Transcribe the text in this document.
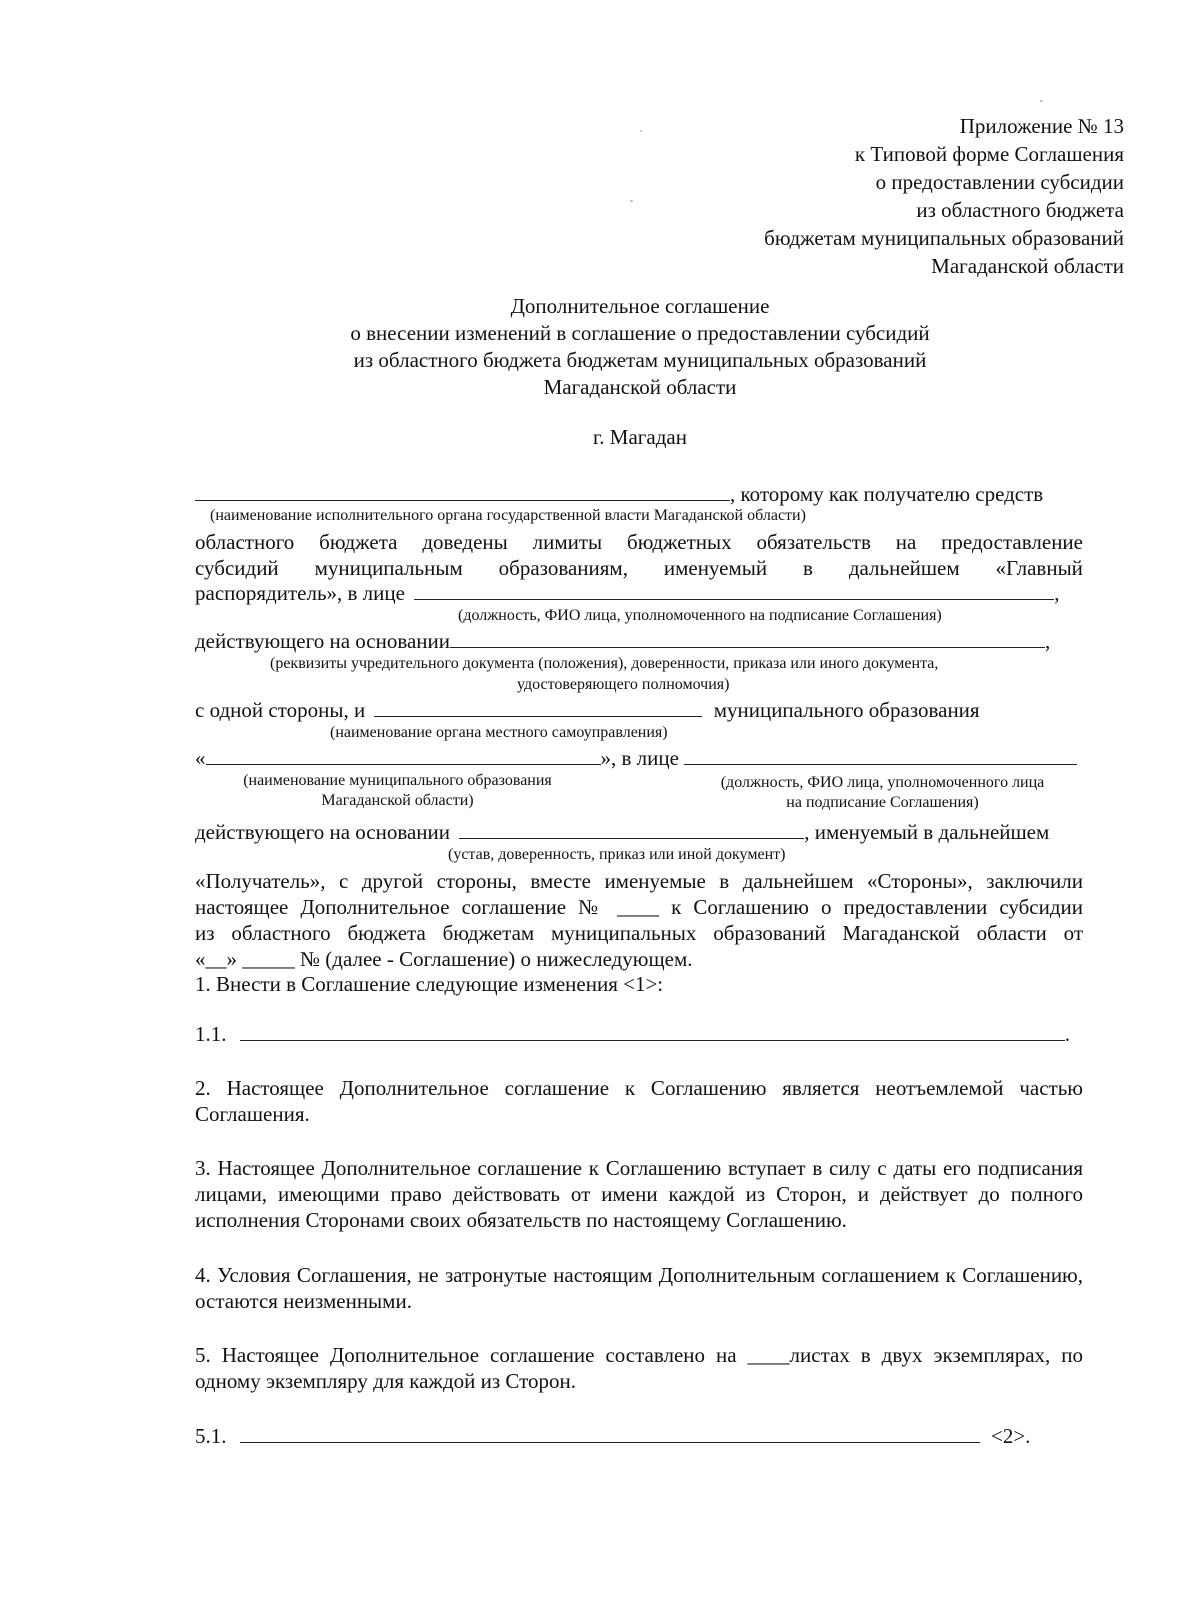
Приложение № 13
к Типовой форме Соглашения
о предоставлении субсидии
из областного бюджета
бюджетам муниципальных образований
Магаданской области
Дополнительное соглашение
о внесении изменений в соглашение о предоставлении субсидий
из областного бюджета бюджетам муниципальных образований
Магаданской области
г. Магадан
, которому как получателю средств
(наименование исполнительного органа государственной власти Магаданской области)
областного бюджета доведены лимиты бюджетных обязательств на предоставление
субсидий муниципальным образованиям, именуемый в дальнейшем «Главный
распорядитель», в лице	,
(должность, ФИО лица, уполномоченного на подписание Соглашения)
действующего на основании	,
(реквизиты учредительного документа (положения), доверенности, приказа или иного документа,
удостоверяющего полномочия)
с одной стороны, и	муниципального образования
(наименование органа местного самоуправления)
«	», в лице
(наименование муниципального образования
Магаданской области)
(должность, ФИО лица, уполномоченного лица
на подписание Соглашения)
действующего на основании	, именуемый в дальнейшем
(устав, доверенность, приказ или иной документ)
«Получатель», с другой стороны, вместе именуемые в дальнейшем «Стороны», заключили
настоящее Дополнительное соглашение № ____ к Соглашению о предоставлении субсидии
из областного бюджета бюджетам муниципальных образований Магаданской области от
«__» _____ № (далее - Соглашение) о нижеследующем.
1. Внести в Соглашение следующие изменения <1>:
1.1.	.
2. Настоящее Дополнительное соглашение к Соглашению является неотъемлемой частью Соглашения.
3. Настоящее Дополнительное соглашение к Соглашению вступает в силу с даты его подписания лицами, имеющими право действовать от имени каждой из Сторон, и действует до полного исполнения Сторонами своих обязательств по настоящему Соглашению.
4. Условия Соглашения, не затронутые настоящим Дополнительным соглашением к Соглашению, остаются неизменными.
5. Настоящее Дополнительное соглашение составлено на ____листах в двух экземплярах, по одному экземпляру для каждой из Сторон.
5.1.	<2>.
